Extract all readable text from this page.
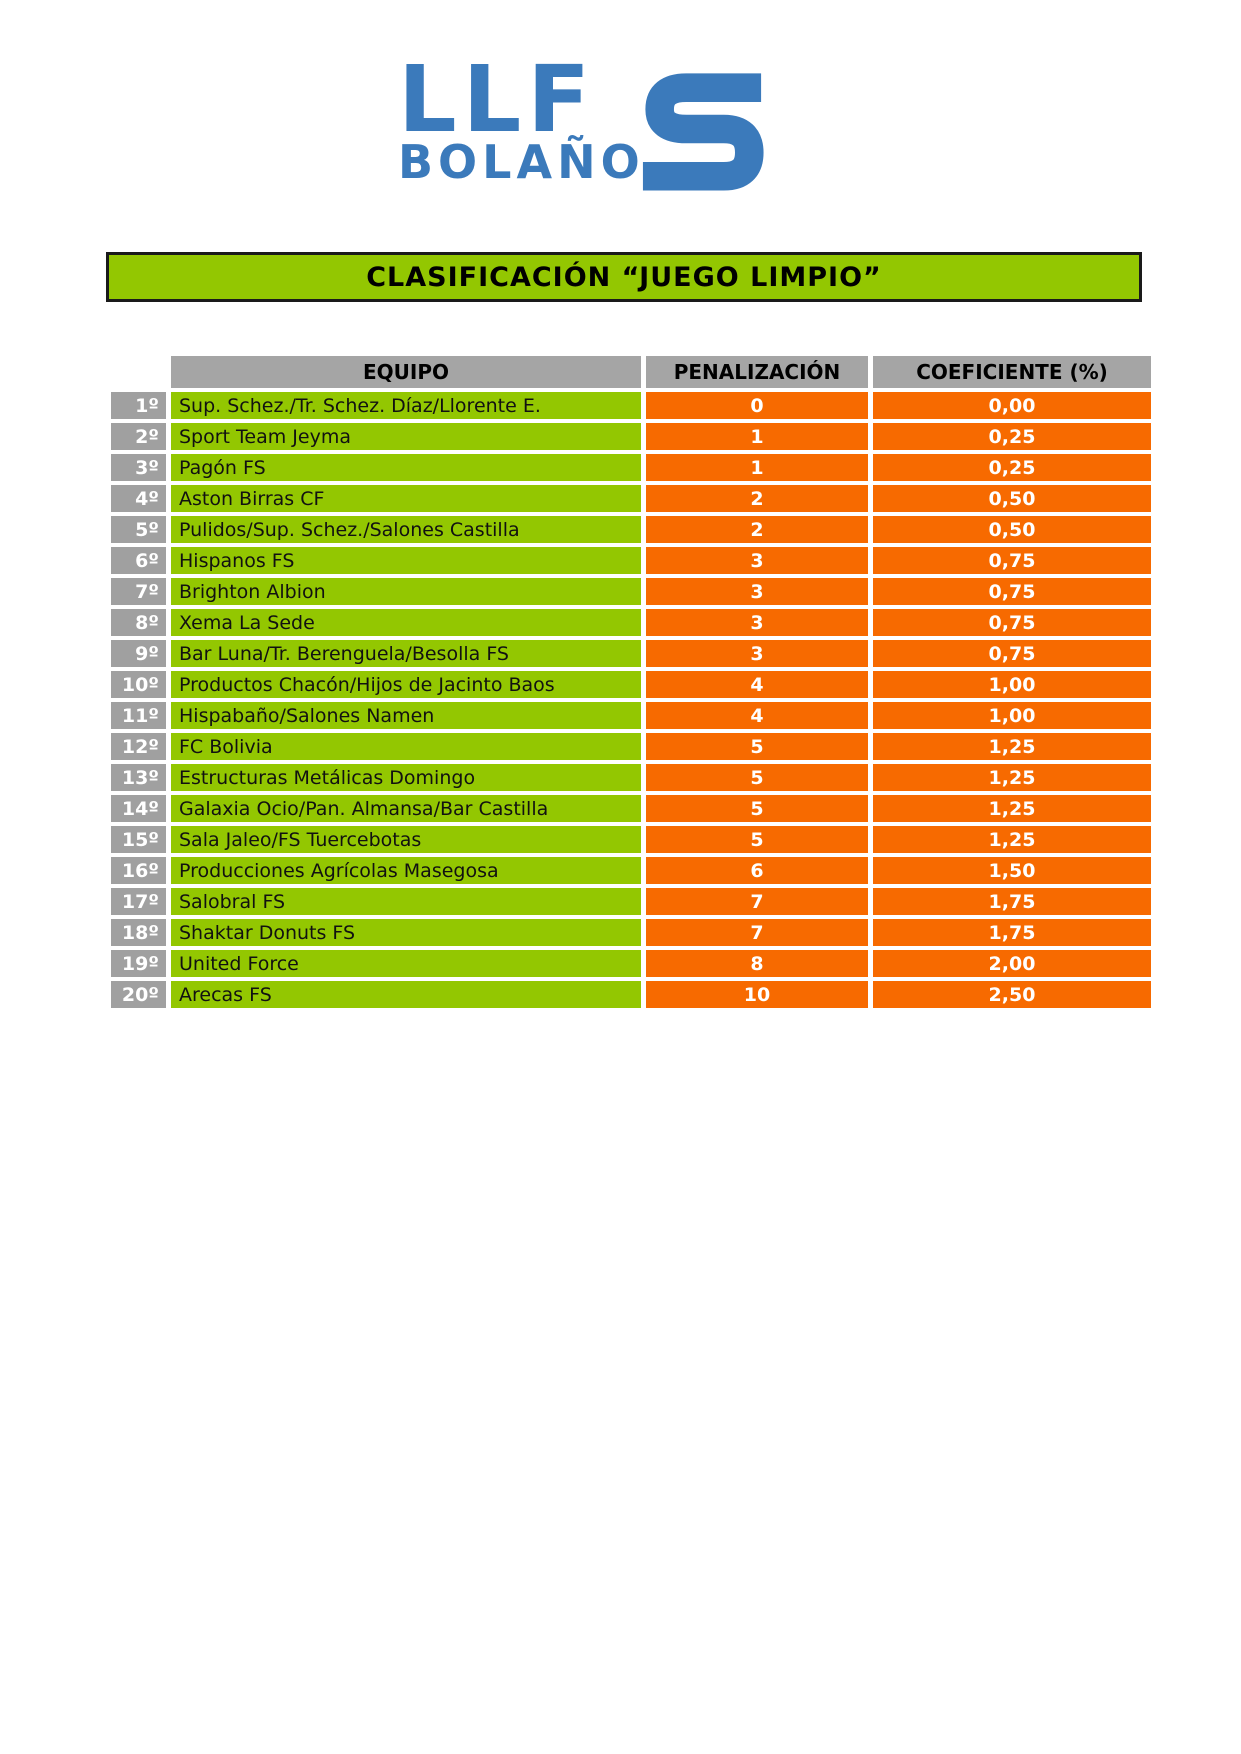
LLF
BOLAÑO
CLASIFICACIÓN “JUEGO LIMPIO”
EQUIPO	PENALIZACIÓN	COEFICIENTE (%)
1º	Sup. Schez./Tr. Schez. Díaz/Llorente E.	0	0,00
2º	Sport Team Jeyma	1	0,25
3º	Pagón FS	1	0,25
4º	Aston Birras CF	2	0,50
5º	Pulidos/Sup. Schez./Salones Castilla	2	0,50
6º	Hispanos FS	3	0,75
7º	Brighton Albion	3	0,75
8º	Xema La Sede	3	0,75
9º	Bar Luna/Tr. Berenguela/Besolla FS	3	0,75
10º	Productos Chacón/Hijos de Jacinto Baos	4	1,00
11º	Hispabaño/Salones Namen	4	1,00
12º	FC Bolivia	5	1,25
13º	Estructuras Metálicas Domingo	5	1,25
14º	Galaxia Ocio/Pan. Almansa/Bar Castilla	5	1,25
15º	Sala Jaleo/FS Tuercebotas	5	1,25
16º	Producciones Agrícolas Masegosa	6	1,50
17º	Salobral FS	7	1,75
18º	Shaktar Donuts FS	7	1,75
19º	United Force	8	2,00
20º	Arecas FS	10	2,50
